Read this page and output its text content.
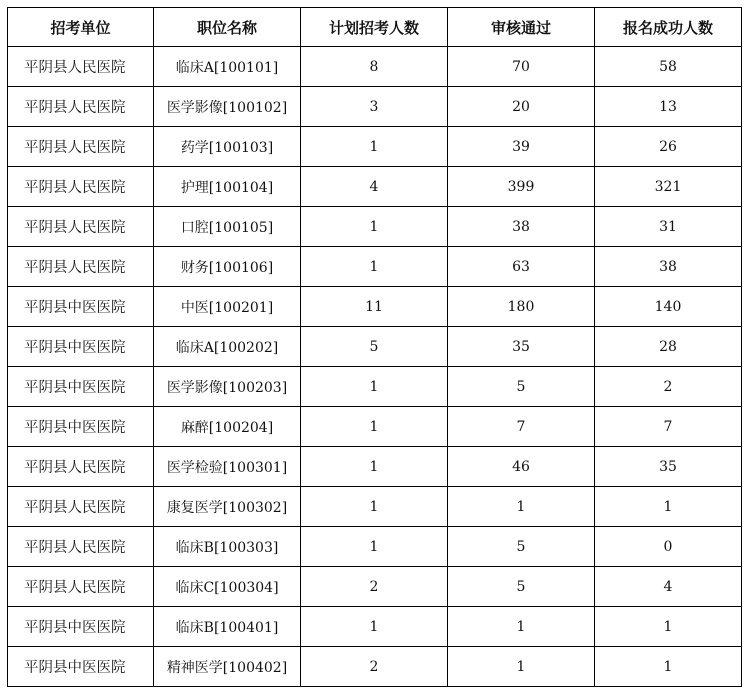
招考单位	职位名称	计划招考人数	审核通过	报名成功人数
平阴县人民医院	临床A[100101]	8	70	58
平阴县人民医院	医学影像[100102]	3	20	13
平阴县人民医院	药学[100103]	1	39	26
平阴县人民医院	护理[100104]	4	399	321
平阴县人民医院	口腔[100105]	1	38	31
平阴县人民医院	财务[100106]	1	63	38
平阴县中医医院	中医[100201]	11	180	140
平阴县中医医院	临床A[100202]	5	35	28
平阴县中医医院	医学影像[100203]	1	5	2
平阴县中医医院	麻醉[100204]	1	7	7
平阴县人民医院	医学检验[100301]	1	46	35
平阴县人民医院	康复医学[100302]	1	1	1
平阴县人民医院	临床B[100303]	1	5	0
平阴县人民医院	临床C[100304]	2	5	4
平阴县中医医院	临床B[100401]	1	1	1
平阴县中医医院	精神医学[100402]	2	1	1
